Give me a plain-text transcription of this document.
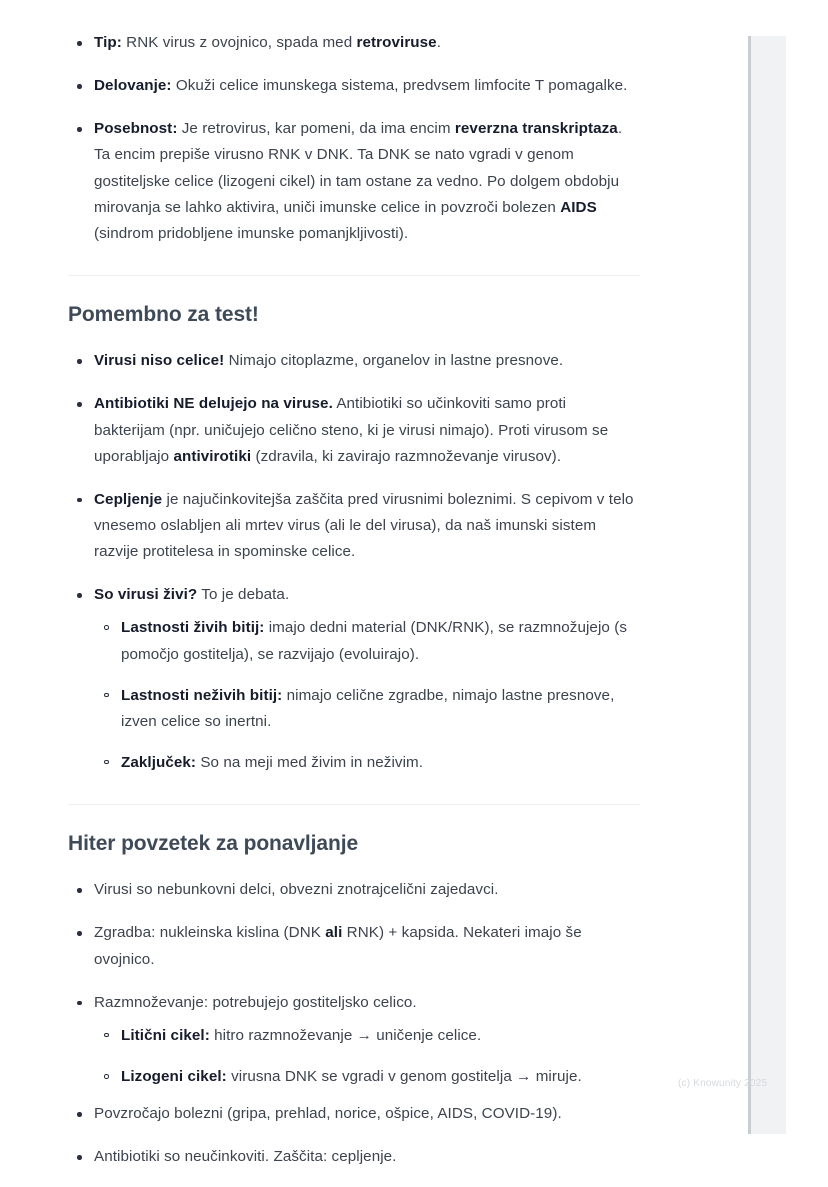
Tip: RNK virus z ovojnico, spada med retroviruse.
Delovanje: Okuži celice imunskega sistema, predvsem limfocite T pomagalke.
Posebnost: Je retrovirus, kar pomeni, da ima encim reverzna transkriptaza. Ta encim prepiše virusno RNK v DNK. Ta DNK se nato vgradi v genom gostiteljske celice (lizogeni cikel) in tam ostane za vedno. Po dolgem obdobju mirovanja se lahko aktivira, uniči imunske celice in povzroči bolezen AIDS (sindrom pridobljene imunske pomanjkljivosti).
Pomembno za test!
Virusi niso celice! Nimajo citoplazme, organelov in lastne presnove.
Antibiotiki NE delujejo na viruse. Antibiotiki so učinkoviti samo proti bakterijam (npr. uničujejo celično steno, ki je virusi nimajo). Proti virusom se uporabljajo antivirotiki (zdravila, ki zavirajo razmnoževanje virusov).
Cepljenje je najučinkovitejša zaščita pred virusnimi boleznimi. S cepivom v telo vnesemo oslabljen ali mrtev virus (ali le del virusa), da naš imunski sistem razvije protitelesa in spominske celice.
So virusi živi? To je debata.
Lastnosti živih bitij: imajo dedni material (DNK/RNK), se razmnožujejo (s pomočjo gostitelja), se razvijajo (evoluirajo).
Lastnosti neživih bitij: nimajo celične zgradbe, nimajo lastne presnove, izven celice so inertni.
Zaključek: So na meji med živim in neživim.
Hiter povzetek za ponavljanje
Virusi so nebunkovni delci, obvezni znotrajcelični zajedavci.
Zgradba: nukleinska kislina (DNK ali RNK) + kapsida. Nekateri imajo še ovojnico.
Razmnoževanje: potrebujejo gostiteljsko celico.
Litični cikel: hitro razmnoževanje → uničenje celice.
Lizogeni cikel: virusna DNK se vgradi v genom gostitelja → miruje.
Povzročajo bolezni (gripa, prehlad, norice, ošpice, AIDS, COVID-19).
Antibiotiki so neučinkoviti. Zaščita: cepljenje.
(c) Knowunity 2025
